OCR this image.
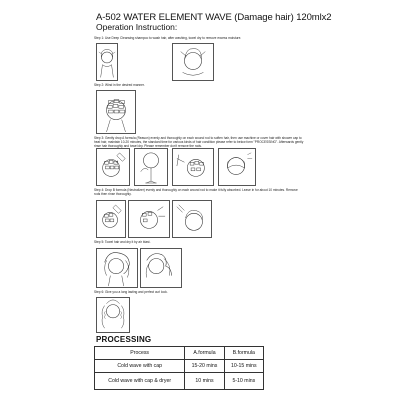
A-502 WATER ELEMENT WAVE (Damage hair) 120mlx2
Operation Instruction:
Step 1: Use Deep Cleansing shampoo to wash hair, after washing, towel dry to remove excess moisture.
Step 2: Wind in the desired manner.
Step 3: Gently drop A formula (Reason) evenly and thoroughly on each wound rod to soften hair, then use machine or cover hair with shower cap to heat hair, maintain 10-20 minutes, the standard time for various kinds of hair condition please refer to below form "PROCESSING". Afterwards gently rinse hair thoroughly and towel dry. Please remember don't remove the rods.
Step 4: Drop B formula (Neutralizer) evenly and thoroughly on each wound rod to make it fully absorbed. Leave in for about 10 minutes. Remove rods then rinse thoroughly.
Step 5: Towel hair and dry it by air blast.
Step 6: Give you a long lasting and perfect curl look.
PROCESSING
Process	A.formula	B.formula
Cold wave with cap	15-20 mins	10-15 mins
Cold wave with cap & dryer	10 mins	5-10 mins
